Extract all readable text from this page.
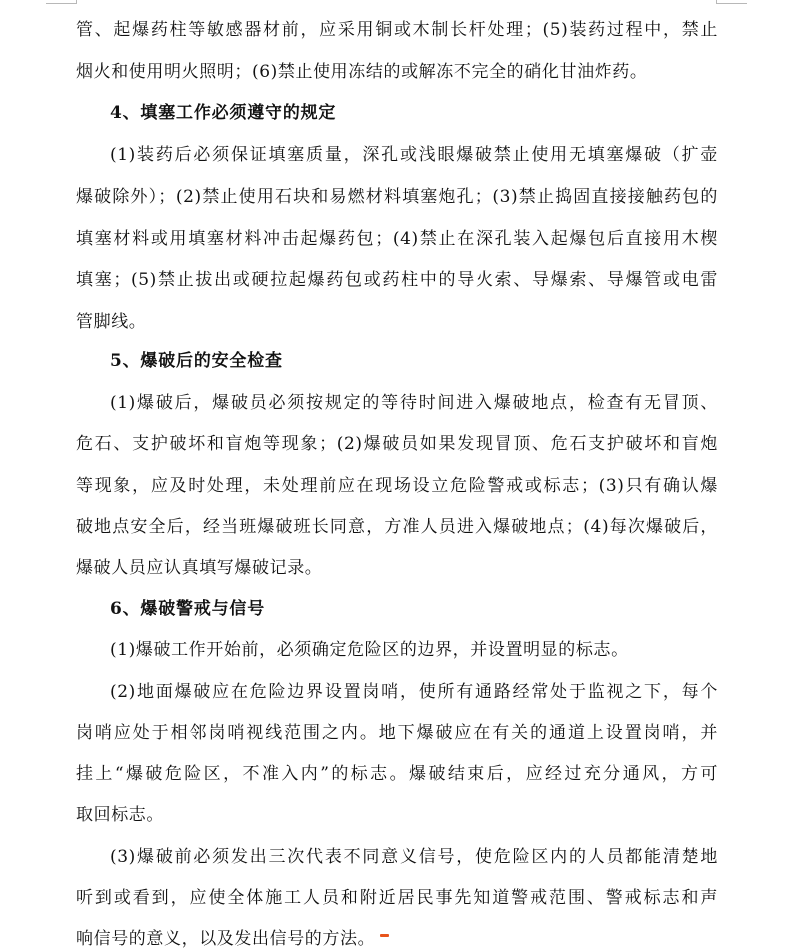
管、起爆药柱等敏感器材前，应采用铜或木制长杆处理；(5)装药过程中，禁止
烟火和使用明火照明；(6)禁止使用冻结的或解冻不完全的硝化甘油炸药。
4、填塞工作必须遵守的规定
(1)装药后必须保证填塞质量，深孔或浅眼爆破禁止使用无填塞爆破（扩壶
爆破除外）；(2)禁止使用石块和易燃材料填塞炮孔；(3)禁止捣固直接接触药包的
填塞材料或用填塞材料冲击起爆药包；(4)禁止在深孔装入起爆包后直接用木楔
填塞；(5)禁止拔出或硬拉起爆药包或药柱中的导火索、导爆索、导爆管或电雷
管脚线。
5、爆破后的安全检查
(1)爆破后，爆破员必须按规定的等待时间进入爆破地点，检查有无冒顶、
危石、支护破坏和盲炮等现象；(2)爆破员如果发现冒顶、危石支护破坏和盲炮
等现象，应及时处理，未处理前应在现场设立危险警戒或标志；(3)只有确认爆
破地点安全后，经当班爆破班长同意，方准人员进入爆破地点；(4)每次爆破后，
爆破人员应认真填写爆破记录。
6、爆破警戒与信号
(1)爆破工作开始前，必须确定危险区的边界，并设置明显的标志。
(2)地面爆破应在危险边界设置岗哨，使所有通路经常处于监视之下，每个
岗哨应处于相邻岗哨视线范围之内。地下爆破应在有关的通道上设置岗哨，并
挂上“爆破危险区，不准入内”的标志。爆破结束后，应经过充分通风，方可
取回标志。
(3)爆破前必须发出三次代表不同意义信号，使危险区内的人员都能清楚地
听到或看到，应使全体施工人员和附近居民事先知道警戒范围、警戒标志和声
响信号的意义，以及发出信号的方法。
